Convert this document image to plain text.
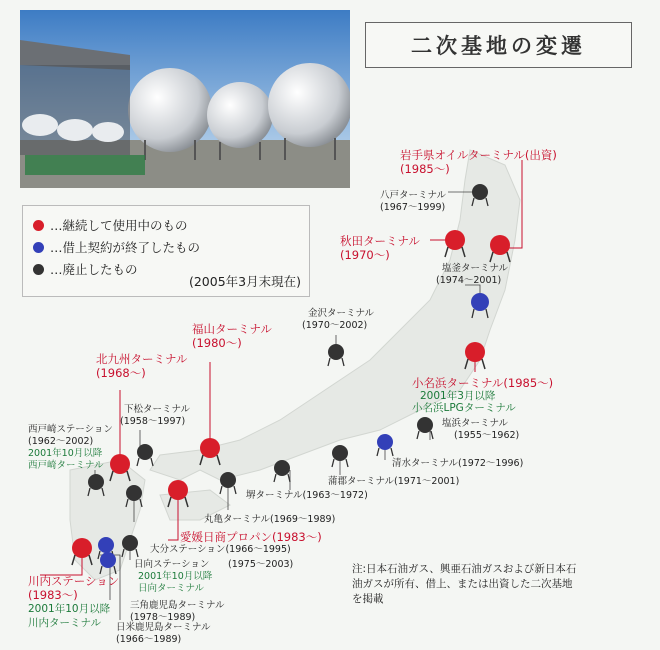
二次基地の変遷
…継続して使用中のもの
…借上契約が終了したもの
…廃止したもの
(2005年3月末現在)
岩手県オイルターミナル(出資)
(1985～)
八戸ターミナル
(1967～1999)
秋田ターミナル
(1970～)
塩釜ターミナル
(1974～2001)
金沢ターミナル
(1970～2002)
小名浜ターミナル(1985～)
2001年3月以降
小名浜LPGターミナル
塩浜ターミナル
(1955～1962)
清水ターミナル(1972～1996)
蒲郡ターミナル(1971～2001)
堺ターミナル(1963～1972)
丸亀ターミナル(1969～1989)
愛媛日商プロパン(1983～)
福山ターミナル
(1980～)
北九州ターミナル
(1968～)
下松ターミナル
(1958～1997)
西戸崎ステーション
(1962～2002)
2001年10月以降
西戸崎ターミナル
大分ステーション(1966～1995)
日向ステーション (1975～2003)
2001年10月以降
日向ターミナル
川内ステーション
(1983～)
2001年10月以降
川内ターミナル
三角鹿児島ターミナル
(1978～1989)
日米鹿児島ターミナル
(1966～1989)
注:日本石油ガス、興亜石油ガスおよび新日本石油ガスが所有、借上、または出資した二次基地を掲載
